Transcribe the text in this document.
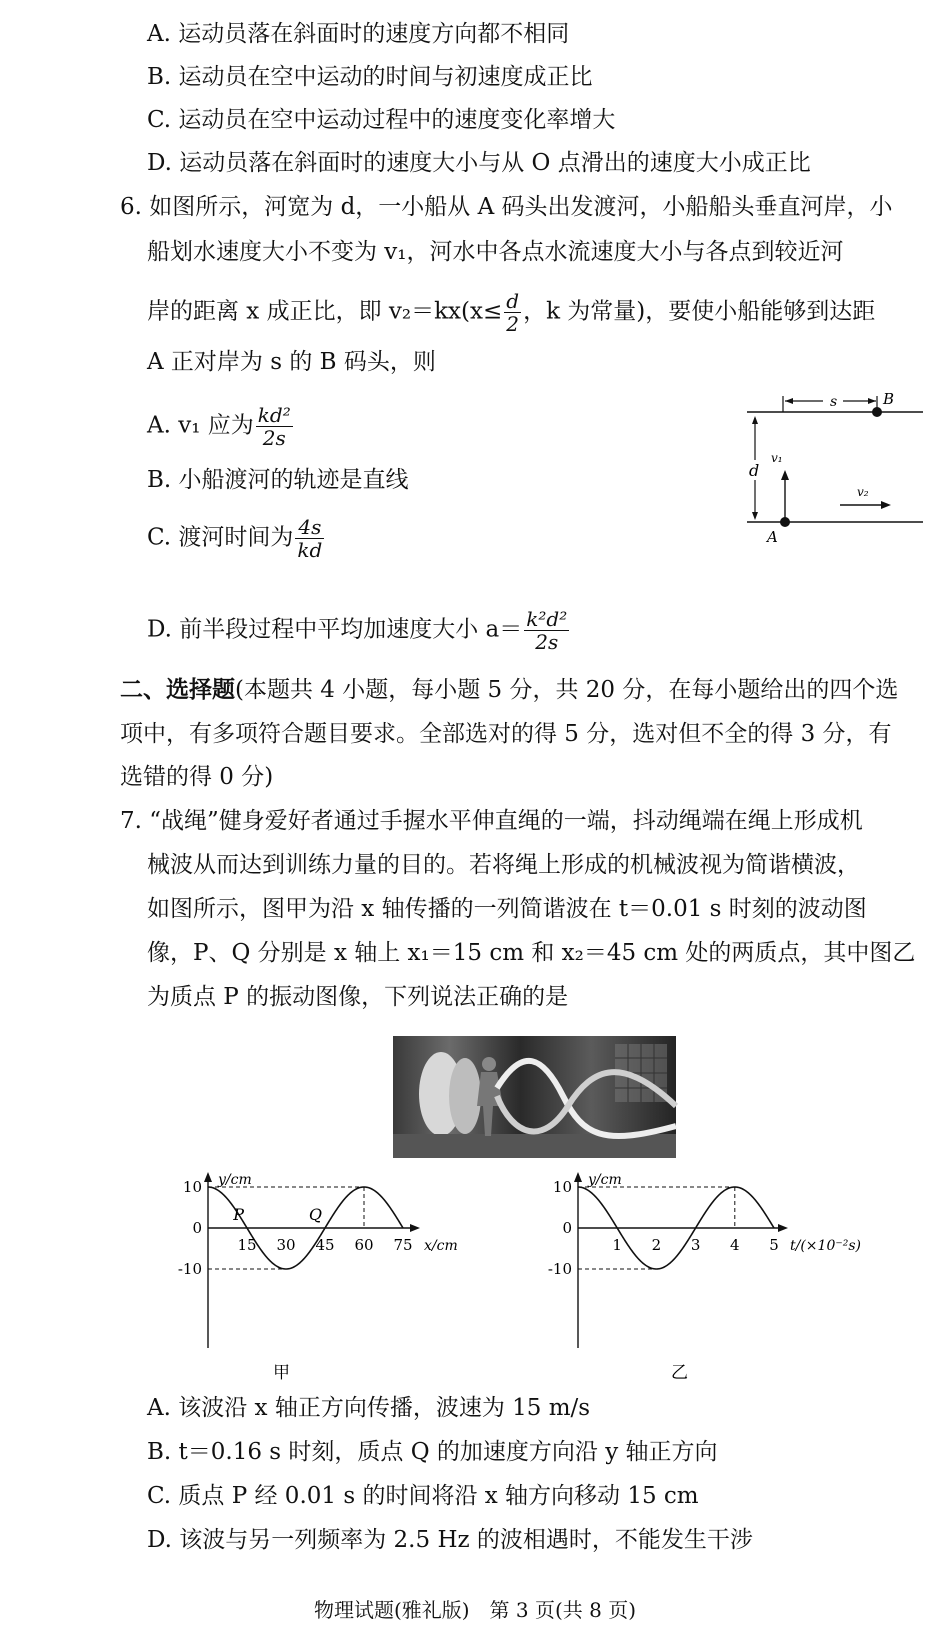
A. 运动员落在斜面时的速度方向都不相同
B. 运动员在空中运动的时间与初速度成正比
C. 运动员在空中运动过程中的速度变化率增大
D. 运动员落在斜面时的速度大小与从 O 点滑出的速度大小成正比
6. 如图所示，河宽为 d，一小船从 A 码头出发渡河，小船船头垂直河岸，小
船划水速度大小不变为 v₁，河水中各点水流速度大小与各点到较近河
岸的距离 x 成正比，即 $v_2=kx(x\le \frac{d}{2}$ ，k 为常量)，要使小船能够到达距
A 正对岸为 s 的 B 码头，则
A. v₁ 应为 $\frac{\text{kd²}}{2s}$
B. 小船渡河的轨迹是直线
C. 渡河时间为 $\frac{4s}{kd}$
D. 前半段过程中平均加速度大小 $a= \frac{\text{k²d²}}{2s}$
s	B
d
v₁
v₂
A
二、选择题(本题共 4 小题，每小题 5 分，共 20 分，在每小题给出的四个选
项中，有多项符合题目要求。全部选对的得 5 分，选对但不全的得 3 分，有
选错的得 0 分)
7. “战绳”健身爱好者通过手握水平伸直绳的一端，抖动绳端在绳上形成机
械波从而达到训练力量的目的。若将绳上形成的机械波视为简谐横波，
如图所示，图甲为沿 x 轴传播的一列简谐波在 t＝0.01 s 时刻的波动图
像，P、Q 分别是 x 轴上 x₁＝15 cm 和 x₂＝45 cm 处的两质点，其中图乙
为质点 P 的振动图像，下列说法正确的是
y/cm
x/cm
10
0
-10
15 30 45 60 75
P	Q
甲
y/cm
t/(×10⁻²s)
10
0
-10
1 2 3 4 5
乙
A. 该波沿 x 轴正方向传播，波速为 15 m/s
B. t＝0.16 s 时刻，质点 Q 的加速度方向沿 y 轴正方向
C. 质点 P 经 0.01 s 的时间将沿 x 轴方向移动 15 cm
D. 该波与另一列频率为 2.5 Hz 的波相遇时，不能发生干涉
物理试题(雅礼版)　第 3 页(共 8 页)
